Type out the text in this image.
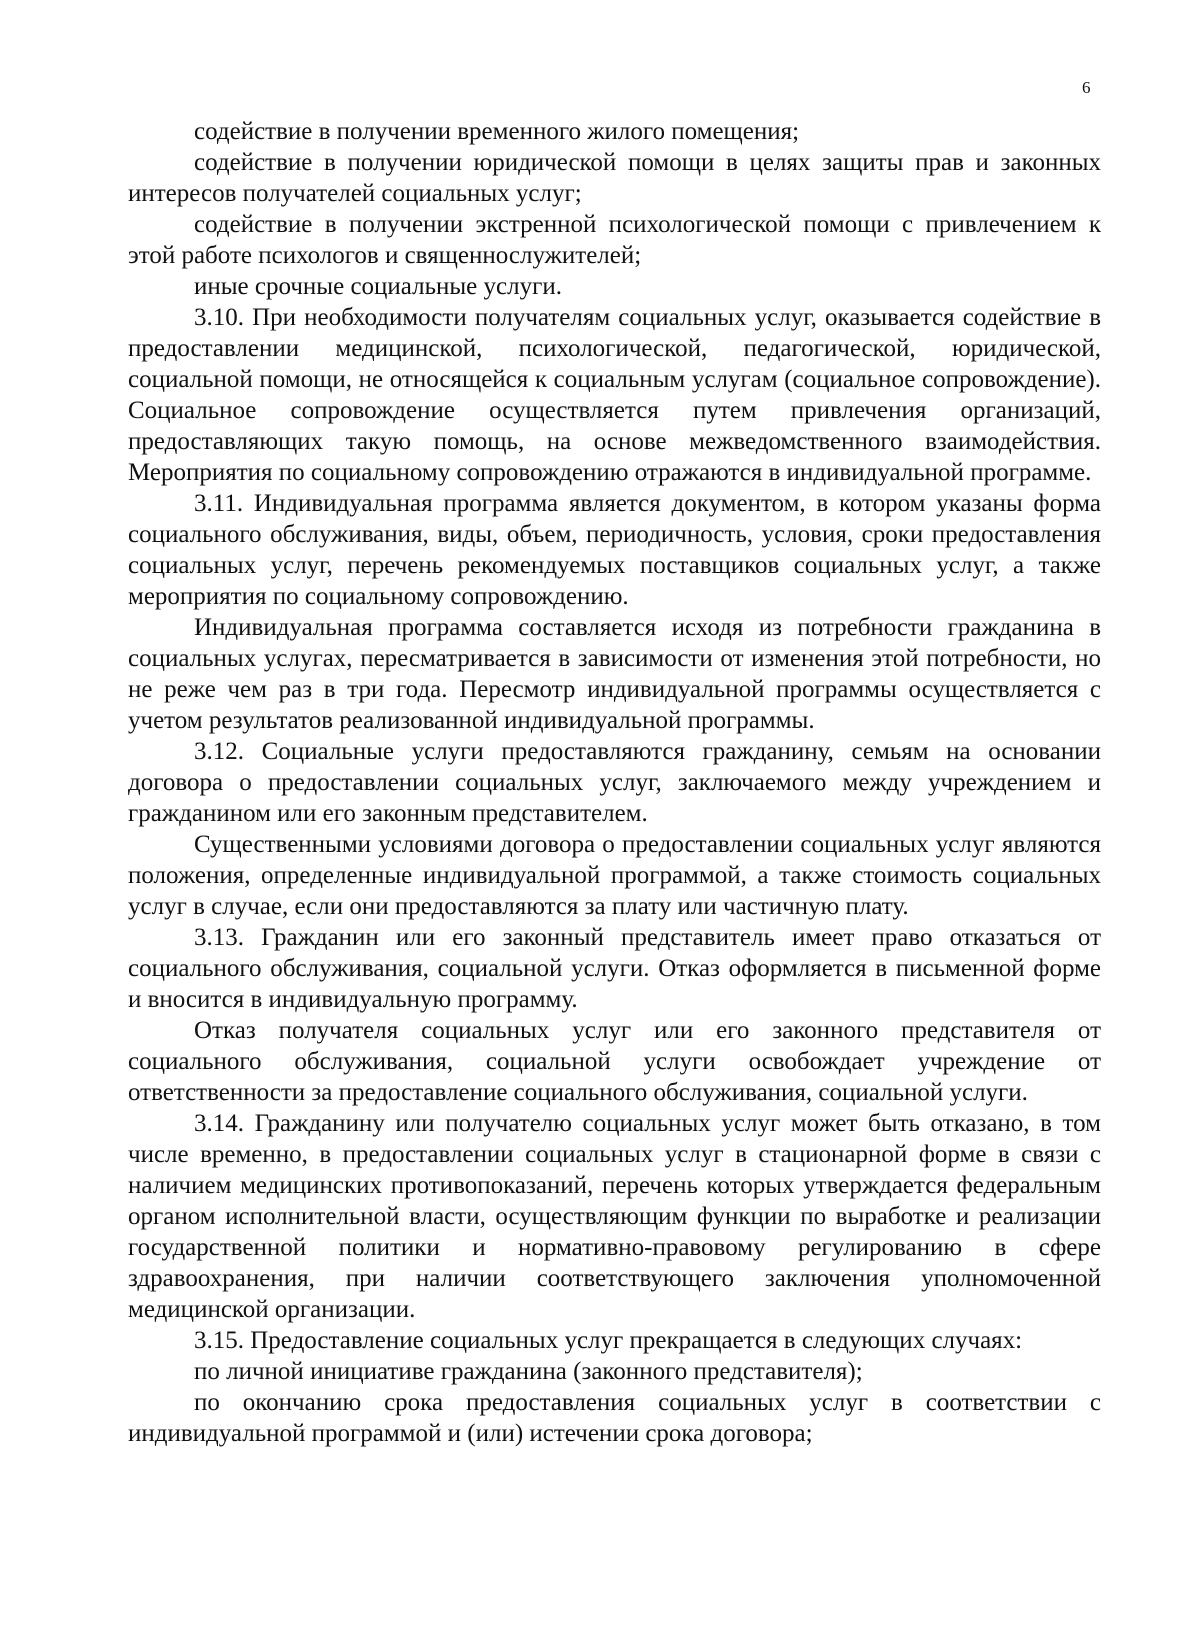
6

содействие в получении временного жилого помещения;

содействие в получении юридической помощи в целях защиты прав и законных интересов получателей социальных услуг;

содействие в получении экстренной психологической помощи с привлечением к этой работе психологов и священнослужителей;

иные срочные социальные услуги.

3.10. При необходимости получателям социальных услуг, оказывается содействие в предоставлении медицинской, психологической, педагогической, юридической, социальной помощи, не относящейся к социальным услугам (социальное сопровождение). Социальное сопровождение осуществляется путем привлечения организаций, предоставляющих такую помощь, на основе межведомственного взаимодействия. Мероприятия по социальному сопровождению отражаются в индивидуальной программе.

3.11. Индивидуальная программа является документом, в котором указаны форма социального обслуживания, виды, объем, периодичность, условия, сроки предоставления социальных услуг, перечень рекомендуемых поставщиков социальных услуг, а также мероприятия по социальному сопровождению.

Индивидуальная программа составляется исходя из потребности гражданина в социальных услугах, пересматривается в зависимости от изменения этой потребности, но не реже чем раз в три года. Пересмотр индивидуальной программы осуществляется с учетом результатов реализованной индивидуальной программы.

3.12. Социальные услуги предоставляются гражданину, семьям на основании договора о предоставлении социальных услуг, заключаемого между учреждением и гражданином или его законным представителем.

Существенными условиями договора о предоставлении социальных услуг являются положения, определенные индивидуальной программой, а также стоимость социальных услуг в случае, если они предоставляются за плату или частичную плату.

3.13. Гражданин или его законный представитель имеет право отказаться от социального обслуживания, социальной услуги. Отказ оформляется в письменной форме и вносится в индивидуальную программу.

Отказ получателя социальных услуг или его законного представителя от социального обслуживания, социальной услуги освобождает учреждение от ответственности за предоставление социального обслуживания, социальной услуги.

3.14. Гражданину или получателю социальных услуг может быть отказано, в том числе временно, в предоставлении социальных услуг в стационарной форме в связи с наличием медицинских противопоказаний, перечень которых утверждается федеральным органом исполнительной власти, осуществляющим функции по выработке и реализации государственной политики и нормативно-правовому регулированию в сфере здравоохранения, при наличии соответствующего заключения уполномоченной медицинской организации.

3.15. Предоставление социальных услуг прекращается в следующих случаях:

по личной инициативе гражданина (законного представителя);

по окончанию срока предоставления социальных услуг в соответствии с индивидуальной программой и (или) истечении срока договора;
